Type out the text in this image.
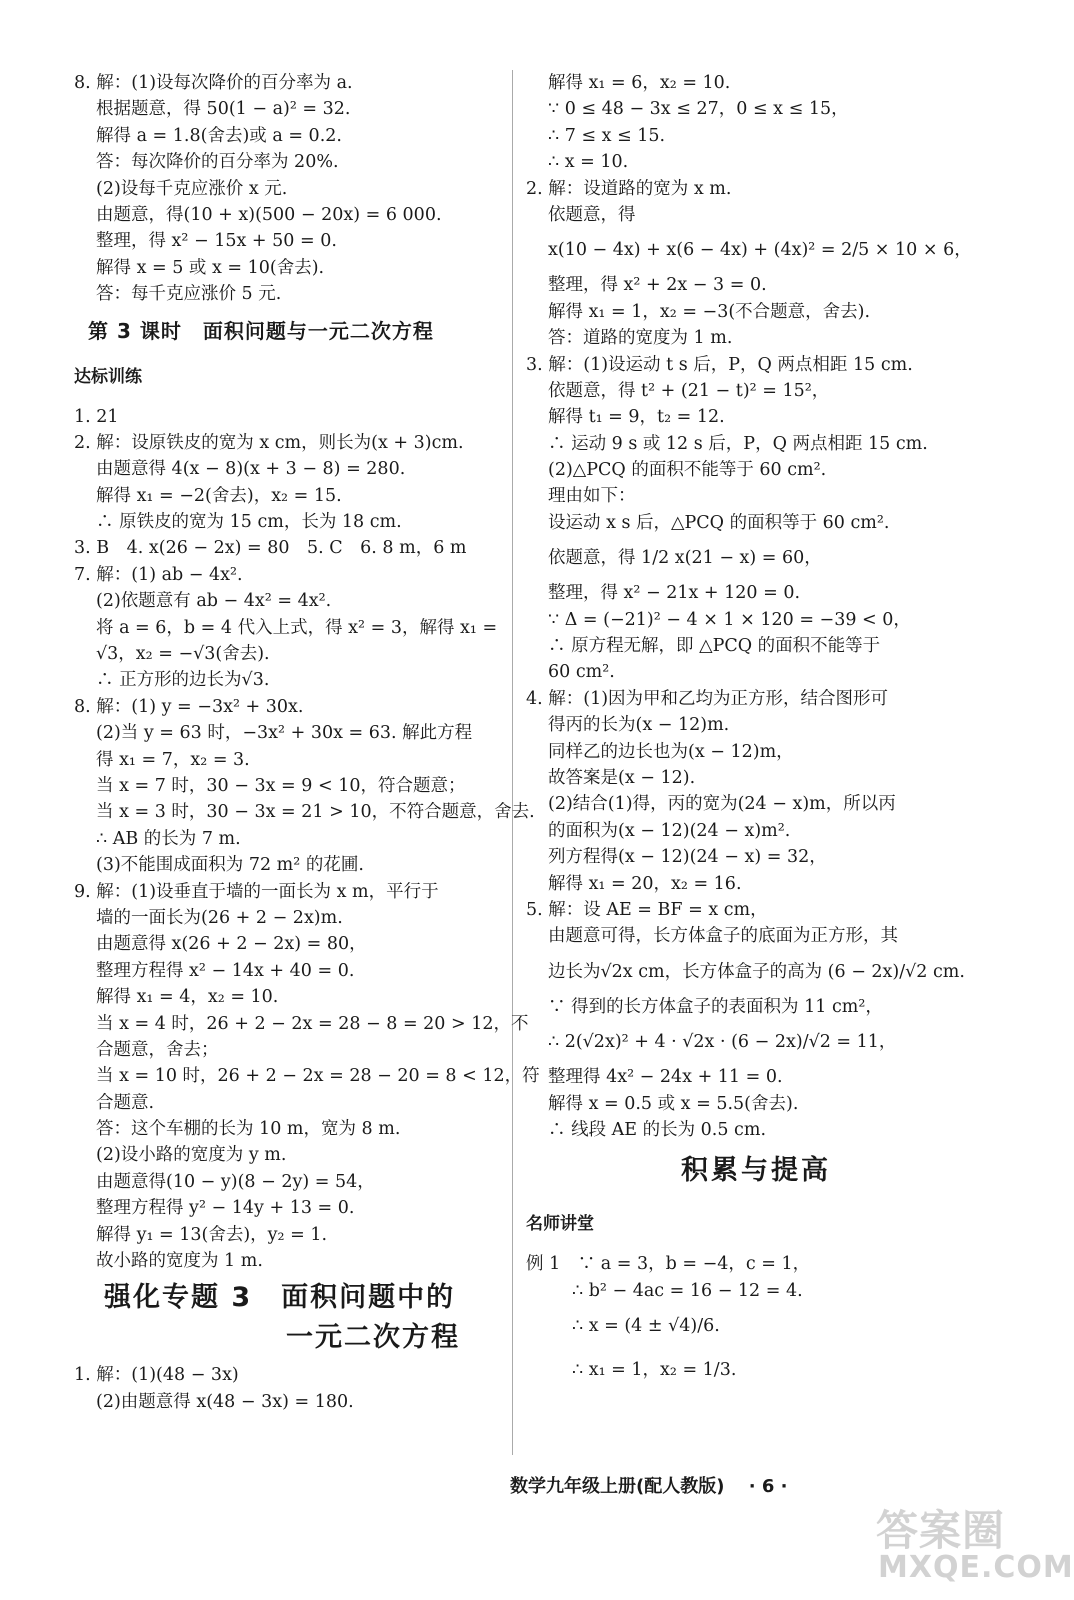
8. 解：(1)设每次降价的百分率为 a.
根据题意，得 50(1 − a)² = 32.
解得 a = 1.8(舍去)或 a = 0.2.
答：每次降价的百分率为 20%.
(2)设每千克应涨价 x 元.
由题意，得(10 + x)(500 − 20x) = 6 000.
整理，得 x² − 15x + 50 = 0.
解得 x = 5 或 x = 10(舍去).
答：每千克应涨价 5 元.
第 3 课时　面积问题与一元二次方程
达标训练
1. 21
2. 解：设原铁皮的宽为 x cm，则长为(x + 3)cm.
由题意得 4(x − 8)(x + 3 − 8) = 280.
解得 x₁ = −2(舍去)，x₂ = 15.
∴ 原铁皮的宽为 15 cm，长为 18 cm.
3. B　4. x(26 − 2x) = 80　5. C　6. 8 m，6 m
7. 解：(1) ab − 4x².
(2)依题意有 ab − 4x² = 4x².
将 a = 6，b = 4 代入上式，得 x² = 3，解得 x₁ =
√3，x₂ = −√3(舍去).
∴ 正方形的边长为√3.
8. 解：(1) y = −3x² + 30x.
(2)当 y = 63 时，−3x² + 30x = 63. 解此方程
得 x₁ = 7，x₂ = 3.
当 x = 7 时，30 − 3x = 9 < 10，符合题意；
当 x = 3 时，30 − 3x = 21 > 10，不符合题意，舍去.
∴ AB 的长为 7 m.
(3)不能围成面积为 72 m² 的花圃.
9. 解：(1)设垂直于墙的一面长为 x m，平行于
墙的一面长为(26 + 2 − 2x)m.
由题意得 x(26 + 2 − 2x) = 80，
整理方程得 x² − 14x + 40 = 0.
解得 x₁ = 4，x₂ = 10.
当 x = 4 时，26 + 2 − 2x = 28 − 8 = 20 > 12，不
合题意，舍去；
当 x = 10 时，26 + 2 − 2x = 28 − 20 = 8 < 12，符
合题意.
答：这个车棚的长为 10 m，宽为 8 m.
(2)设小路的宽度为 y m.
由题意得(10 − y)(8 − 2y) = 54，
整理方程得 y² − 14y + 13 = 0.
解得 y₁ = 13(舍去)，y₂ = 1.
故小路的宽度为 1 m.
强化专题 3　面积问题中的
一元二次方程
1. 解：(1)(48 − 3x)
(2)由题意得 x(48 − 3x) = 180.
解得 x₁ = 6，x₂ = 10.
∵ 0 ≤ 48 − 3x ≤ 27，0 ≤ x ≤ 15，
∴ 7 ≤ x ≤ 15.
∴ x = 10.
2. 解：设道路的宽为 x m.
依题意，得
x(10 − 4x) + x(6 − 4x) + (4x)² = 2/5 × 10 × 6，
整理，得 x² + 2x − 3 = 0.
解得 x₁ = 1，x₂ = −3(不合题意，舍去).
答：道路的宽度为 1 m.
3. 解：(1)设运动 t s 后，P，Q 两点相距 15 cm.
依题意，得 t² + (21 − t)² = 15²，
解得 t₁ = 9，t₂ = 12.
∴ 运动 9 s 或 12 s 后，P，Q 两点相距 15 cm.
(2)△PCQ 的面积不能等于 60 cm².
理由如下：
设运动 x s 后，△PCQ 的面积等于 60 cm².
依题意，得 1/2 x(21 − x) = 60，
整理，得 x² − 21x + 120 = 0.
∵ Δ = (−21)² − 4 × 1 × 120 = −39 < 0，
∴ 原方程无解，即 △PCQ 的面积不能等于
60 cm².
4. 解：(1)因为甲和乙均为正方形，结合图形可
得丙的长为(x − 12)m.
同样乙的边长也为(x − 12)m，
故答案是(x − 12).
(2)结合(1)得，丙的宽为(24 − x)m，所以丙
的面积为(x − 12)(24 − x)m².
列方程得(x − 12)(24 − x) = 32，
解得 x₁ = 20，x₂ = 16.
5. 解：设 AE = BF = x cm，
由题意可得，长方体盒子的底面为正方形，其
边长为√2x cm，长方体盒子的高为 (6 − 2x)/√2 cm.
∵ 得到的长方体盒子的表面积为 11 cm²，
∴ 2(√2x)² + 4 · √2x · (6 − 2x)/√2 = 11，
整理得 4x² − 24x + 11 = 0.
解得 x = 0.5 或 x = 5.5(舍去).
∴ 线段 AE 的长为 0.5 cm.
积累与提高
名师讲堂
例 1　∵ a = 3，b = −4，c = 1，
∴ b² − 4ac = 16 − 12 = 4.
∴ x = (4 ± √4)/6.
∴ x₁ = 1，x₂ = 1/3.
数学九年级上册(配人教版) · 6 ·
答案圈
MXQE.COM
